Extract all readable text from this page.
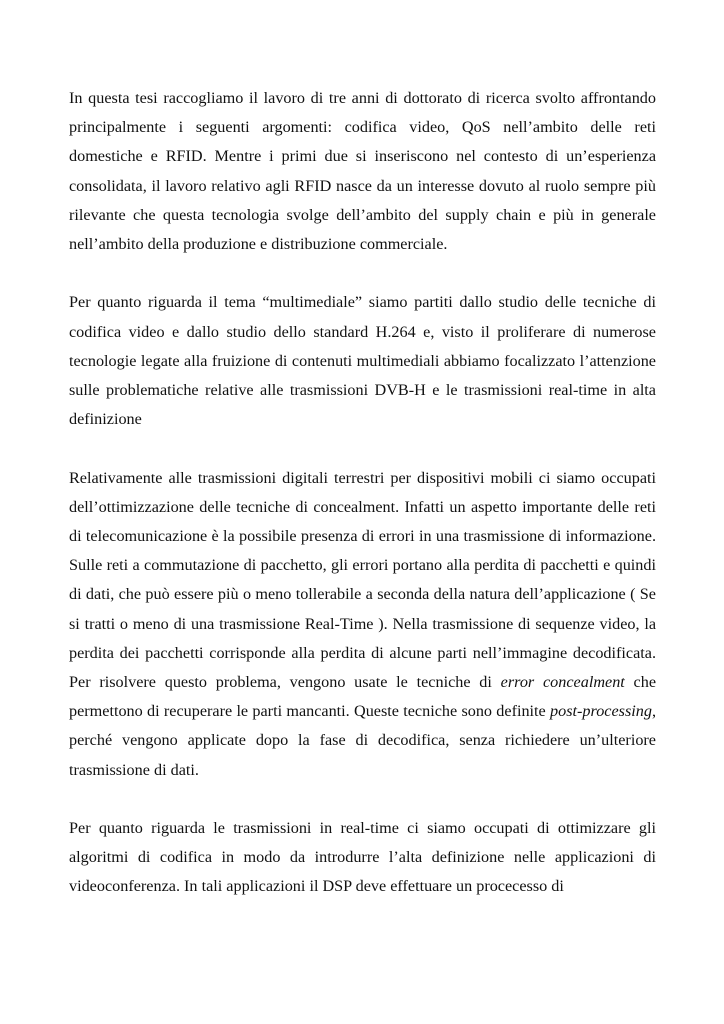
In questa tesi raccogliamo il lavoro di tre anni di dottorato di ricerca svolto affrontando principalmente i seguenti argomenti: codifica video, QoS nell’ambito delle reti domestiche e RFID. Mentre i primi due si inseriscono nel contesto di un’esperienza consolidata, il lavoro relativo agli RFID nasce da un interesse dovuto al ruolo sempre più rilevante che questa tecnologia svolge dell’ambito del supply chain e più in generale nell’ambito della produzione e distribuzione commerciale.

Per quanto riguarda il tema “multimediale” siamo partiti dallo studio delle tecniche di codifica video e dallo studio dello standard H.264 e, visto il proliferare di numerose tecnologie legate alla fruizione di contenuti multimediali abbiamo focalizzato l’attenzione sulle problematiche relative alle trasmissioni DVB-H e le trasmissioni real-time in alta definizione

Relativamente alle trasmissioni digitali terrestri per dispositivi mobili ci siamo occupati dell’ottimizzazione delle tecniche di concealment. Infatti un aspetto importante delle reti di telecomunicazione è la possibile presenza di errori in una trasmissione di informazione. Sulle reti a commutazione di pacchetto, gli errori portano alla perdita di pacchetti e quindi di dati, che può essere più o meno tollerabile a seconda della natura dell’applicazione ( Se si tratti o meno di una trasmissione Real-Time ). Nella trasmissione di sequenze video, la perdita dei pacchetti corrisponde alla perdita di alcune parti nell’immagine decodificata. Per risolvere questo problema, vengono usate le tecniche di error concealment che permettono di recuperare le parti mancanti. Queste tecniche sono definite post-processing, perché vengono applicate dopo la fase di decodifica, senza richiedere un’ulteriore trasmissione di dati.

Per quanto riguarda le trasmissioni in real-time ci siamo occupati di ottimizzare gli algoritmi di codifica in modo da introdurre l’alta definizione nelle applicazioni di videoconferenza. In tali applicazioni il DSP deve effettuare un procecesso di
